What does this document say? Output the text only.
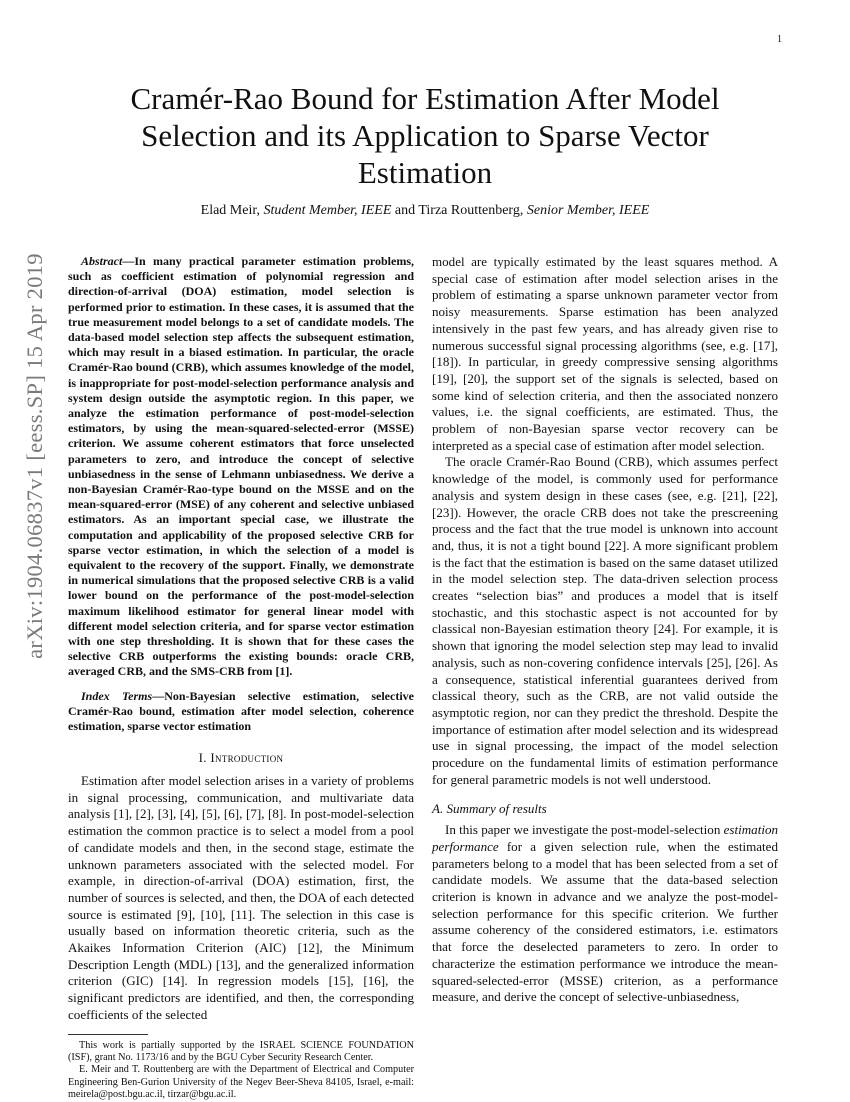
1
arXiv:1904.06837v1 [eess.SP] 15 Apr 2019
Cramér-Rao Bound for Estimation After Model Selection and its Application to Sparse Vector Estimation
Elad Meir, Student Member, IEEE and Tirza Routtenberg, Senior Member, IEEE

Abstract—In many practical parameter estimation problems, such as coefficient estimation of polynomial regression and direction-of-arrival (DOA) estimation, model selection is performed prior to estimation. In these cases, it is assumed that the true measurement model belongs to a set of candidate models. The data-based model selection step affects the subsequent estimation, which may result in a biased estimation. In particular, the oracle Cramér-Rao bound (CRB), which assumes knowledge of the model, is inappropriate for post-model-selection performance analysis and system design outside the asymptotic region. In this paper, we analyze the estimation performance of post-model-selection estimators, by using the mean-squared-selected-error (MSSE) criterion. We assume coherent estimators that force unselected parameters to zero, and introduce the concept of selective unbiasedness in the sense of Lehmann unbiasedness. We derive a non-Bayesian Cramér-Rao-type bound on the MSSE and on the mean-squared-error (MSE) of any coherent and selective unbiased estimators. As an important special case, we illustrate the computation and applicability of the proposed selective CRB for sparse vector estimation, in which the selection of a model is equivalent to the recovery of the support. Finally, we demonstrate in numerical simulations that the proposed selective CRB is a valid lower bound on the performance of the post-model-selection maximum likelihood estimator for general linear model with different model selection criteria, and for sparse vector estimation with one step thresholding. It is shown that for these cases the selective CRB outperforms the existing bounds: oracle CRB, averaged CRB, and the SMS-CRB from [1].

Index Terms—Non-Bayesian selective estimation, selective Cramér-Rao bound, estimation after model selection, coherence estimation, sparse vector estimation

I. Introduction

Estimation after model selection arises in a variety of problems in signal processing, communication, and multivariate data analysis [1], [2], [3], [4], [5], [6], [7], [8]. In post-model-selection estimation the common practice is to select a model from a pool of candidate models and then, in the second stage, estimate the unknown parameters associated with the selected model. For example, in direction-of-arrival (DOA) estimation, first, the number of sources is selected, and then, the DOA of each detected source is estimated [9], [10], [11]. The selection in this case is usually based on information theoretic criteria, such as the Akaikes Information Criterion (AIC) [12], the Minimum Description Length (MDL) [13], and the generalized information criterion (GIC) [14]. In regression models [15], [16], the significant predictors are identified, and then, the corresponding coefficients of the selected

This work is partially supported by the ISRAEL SCIENCE FOUNDATION (ISF), grant No. 1173/16 and by the BGU Cyber Security Research Center.

E. Meir and T. Routtenberg are with the Department of Electrical and Computer Engineering Ben-Gurion University of the Negev Beer-Sheva 84105, Israel, e-mail: meirela@post.bgu.ac.il, tirzar@bgu.ac.il.

model are typically estimated by the least squares method. A special case of estimation after model selection arises in the problem of estimating a sparse unknown parameter vector from noisy measurements. Sparse estimation has been analyzed intensively in the past few years, and has already given rise to numerous successful signal processing algorithms (see, e.g. [17], [18]). In particular, in greedy compressive sensing algorithms [19], [20], the support set of the signals is selected, based on some kind of selection criteria, and then the associated nonzero values, i.e. the signal coefficients, are estimated. Thus, the problem of non-Bayesian sparse vector recovery can be interpreted as a special case of estimation after model selection.

The oracle Cramér-Rao Bound (CRB), which assumes perfect knowledge of the model, is commonly used for performance analysis and system design in these cases (see, e.g. [21], [22], [23]). However, the oracle CRB does not take the prescreening process and the fact that the true model is unknown into account and, thus, it is not a tight bound [22]. A more significant problem is the fact that the estimation is based on the same dataset utilized in the model selection step. The data-driven selection process creates “selection bias” and produces a model that is itself stochastic, and this stochastic aspect is not accounted for by classical non-Bayesian estimation theory [24]. For example, it is shown that ignoring the model selection step may lead to invalid analysis, such as non-covering confidence intervals [25], [26]. As a consequence, statistical inferential guarantees derived from classical theory, such as the CRB, are not valid outside the asymptotic region, nor can they predict the threshold. Despite the importance of estimation after model selection and its widespread use in signal processing, the impact of the model selection procedure on the fundamental limits of estimation performance for general parametric models is not well understood.

A. Summary of results

In this paper we investigate the post-model-selection estimation performance for a given selection rule, when the estimated parameters belong to a model that has been selected from a set of candidate models. We assume that the data-based selection criterion is known in advance and we analyze the post-model-selection performance for this specific criterion. We further assume coherency of the considered estimators, i.e. estimators that force the deselected parameters to zero. In order to characterize the estimation performance we introduce the mean-squared-selected-error (MSSE) criterion, as a performance measure, and derive the concept of selective-unbiasedness,
